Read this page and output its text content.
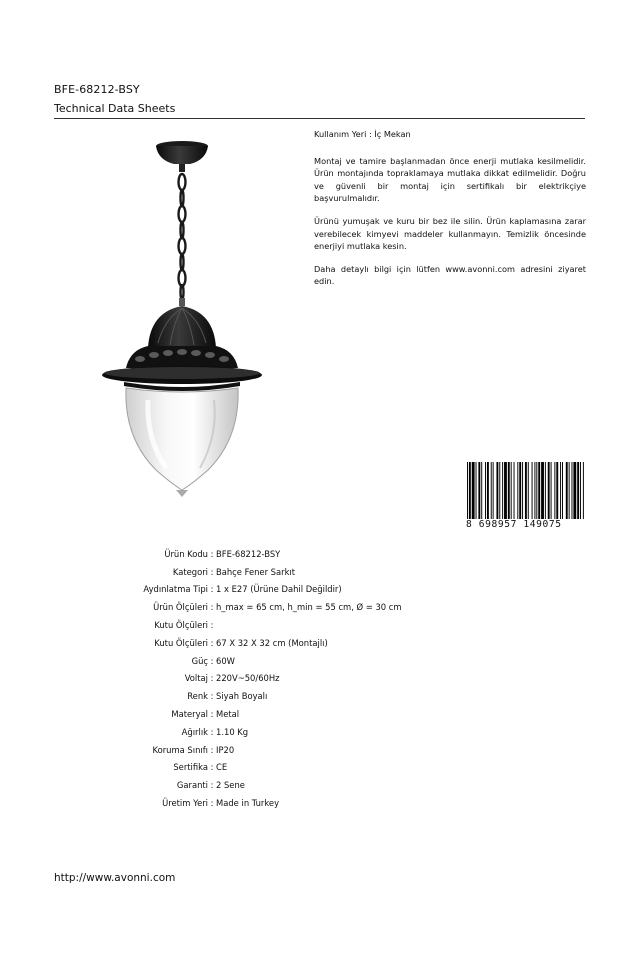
BFE-68212-BSY
Technical Data Sheets

Kullanım Yeri : İç Mekan

Montaj ve tamire başlanmadan önce enerji mutlaka kesilmelidir. Ürün montajında topraklamaya mutlaka dikkat edilmelidir. Doğru ve güvenli bir montaj için sertifikalı bir elektrikçiye başvurulmalıdır.

Ürünü yumuşak ve kuru bir bez ile silin. Ürün kaplamasına zarar verebilecek kimyevi maddeler kullanmayın. Temizlik öncesinde enerjiyi mutlaka kesin.

Daha detaylı bilgi için lütfen www.avonni.com adresini ziyaret edin.

8 698957 149075
Ürün Kodu : BFE-68212-BSY
Kategori : Bahçe Fener Sarkıt
Aydınlatma Tipi : 1 x E27 (Ürüne Dahil Değildir)
Ürün Ölçüleri : h_max = 65 cm, h_min = 55 cm, Ø = 30 cm
Kutu Ölçüleri :
Kutu Ölçüleri : 67 X 32 X 32 cm (Montajlı)
Güç : 60W
Voltaj : 220V~50/60Hz
Renk : Siyah Boyalı
Materyal : Metal
Ağırlık : 1.10 Kg
Koruma Sınıfı : IP20
Sertifika : CE
Garanti : 2 Sene
Üretim Yeri : Made in Turkey
http://www.avonni.com
